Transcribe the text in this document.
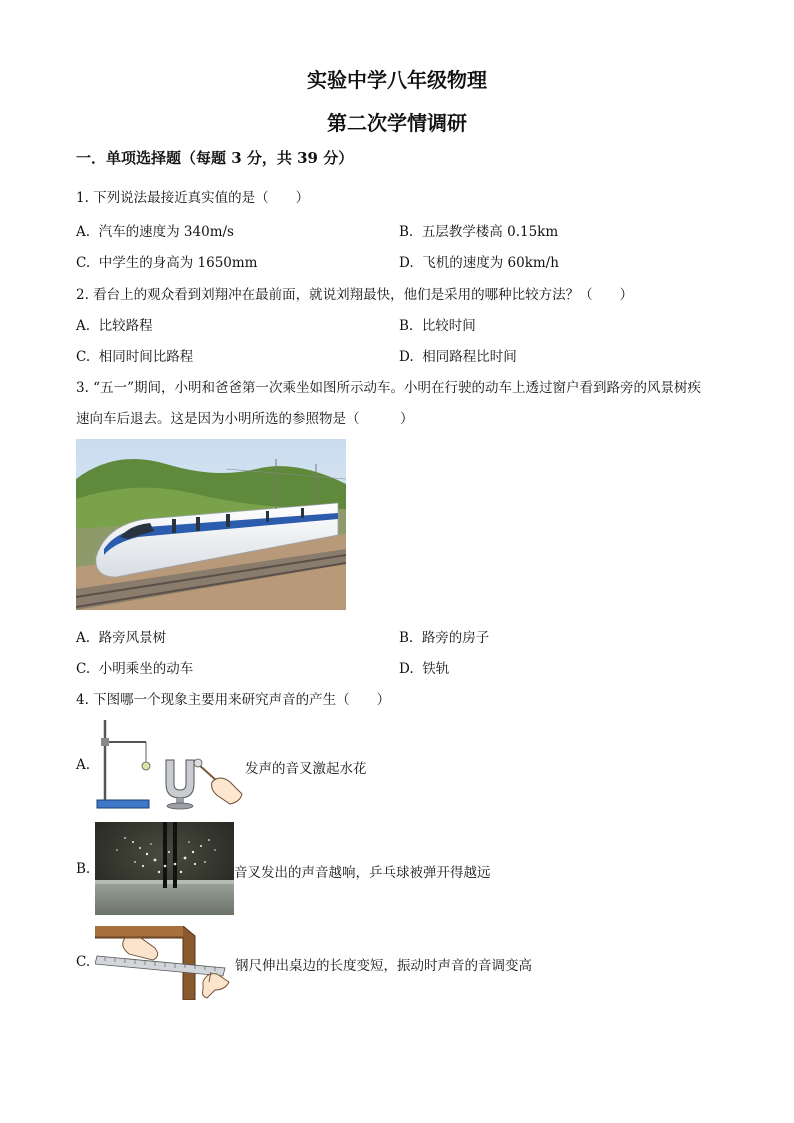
实验中学八年级物理
第二次学情调研
一．单项选择题（每题 3 分，共 39 分）
1. 下列说法最接近真实值的是（　　）
A. 汽车的速度为 340m/s	B. 五层教学楼高 0.15km
C. 中学生的身高为 1650mm	D. 飞机的速度为 60km/h
2. 看台上的观众看到刘翔冲在最前面，就说刘翔最快，他们是采用的哪种比较方法？（　　）
A. 比较路程	B. 比较时间
C. 相同时间比路程	D. 相同路程比时间
3. “五一”期间，小明和爸爸第一次乘坐如图所示动车。小明在行驶的动车上透过窗户看到路旁的风景树疾
速向车后退去。这是因为小明所选的参照物是（　　　）
A. 路旁风景树	B. 路旁的房子
C. 小明乘坐的动车	D. 铁轨
4. 下图哪一个现象主要用来研究声音的产生（　　）
A.	发声的音叉激起水花
B.	音叉发出的声音越响，乒乓球被弹开得越远
C.	钢尺伸出桌边的长度变短，振动时声音的音调变高
